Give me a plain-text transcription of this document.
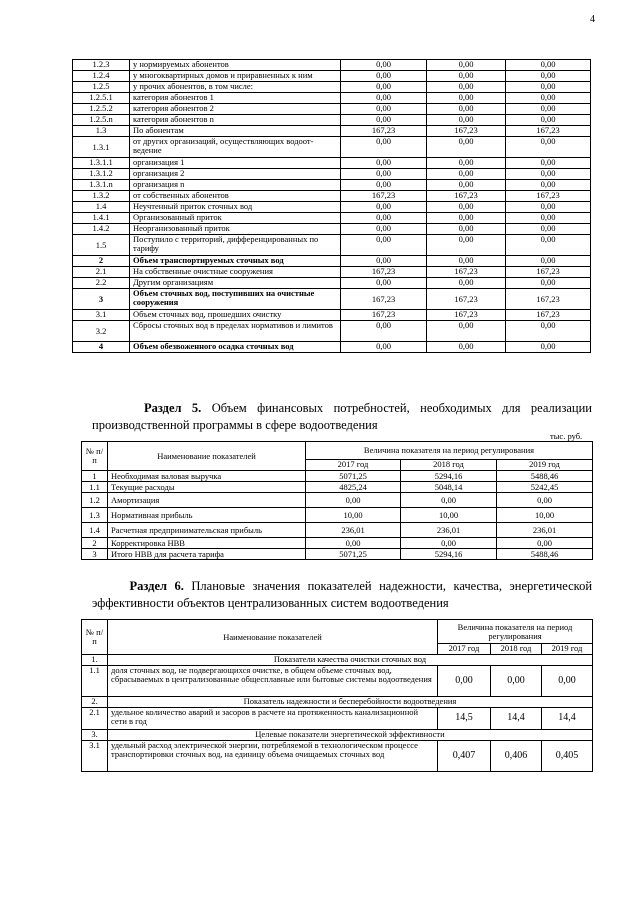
4
1.2.3	у нормируемых абонентов	0,00	0,00	0,00
1.2.4	у многоквартирных домов и приравненных к ним	0,00	0,00	0,00
1.2.5	у прочих абонентов, в том числе:	0,00	0,00	0,00
1.2.5.1	категория абонентов 1	0,00	0,00	0,00
1.2.5.2	категория абонентов 2	0,00	0,00	0,00
1.2.5.n	категория абонентов n	0,00	0,00	0,00
1.3	По абонентам	167,23	167,23	167,23
1.3.1	от других организаций, осуществляющих водоот-ведение	0,00	0,00	0,00
1.3.1.1	организация 1	0,00	0,00	0,00
1.3.1.2	организация 2	0,00	0,00	0,00
1.3.1.n	организация n	0,00	0,00	0,00
1.3.2	от собственных абонентов	167,23	167,23	167,23
1.4	Неучтенный приток сточных вод	0,00	0,00	0,00
1.4.1	Организованный приток	0,00	0,00	0,00
1.4.2	Неорганизованный приток	0,00	0,00	0,00
1.5	Поступило с территорий, дифференцированных по тарифу	0,00	0,00	0,00
2	Объем транспортируемых сточных вод	0,00	0,00	0,00
2.1	На собственные очистные сооружения	167,23	167,23	167,23
2.2	Другим организациям	0,00	0,00	0,00
3	Объем сточных вод, поступивших на очистные сооружения	167,23	167,23	167,23
3.1	Объем сточных вод, прошедших очистку	167,23	167,23	167,23
3.2	Сбросы сточных вод в пределах нормативов и лимитов	0,00	0,00	0,00
4	Объем обезвоженного осадка сточных вод	0,00	0,00	0,00

Раздел 5. Объем финансовых потребностей, необходимых для реализации производственной программы в сфере водоотведения

тыс. руб.
№ п/п	Наименование показателей	Величина показателя на период регулирования		
		2017 год	2018 год	2019 год
1	Необходимая валовая выручка	5071,25	5294,16	5488,46
1.1	Текущие расходы	4825,24	5048,14	5242,45
1.2	Амортизация	0,00	0,00	0,00
1.3	Нормативная прибыль	10,00	10,00	10,00
1.4	Расчетная предпринимательская прибыль	236,01	236,01	236,01
2	Корректировка НВВ	0,00	0,00	0,00
3	Итого НВВ для расчета тарифа	5071,25	5294,16	5488,46

Раздел 6. Плановые значения показателей надежности, качества, энергетической эффективности объектов централизованных систем водоотведения

№ п/п	Наименование показателей	Величина показателя на период регулирования		
		2017 год	2018 год	2019 год
1.	Показатели качества очистки сточных вод			
1.1	доля сточных вод, не подвергающихся очистке, в общем объеме сточных вод, сбрасываемых в централизованные общесплавные или бытовые системы водоотведения	0,00	0,00	0,00
2.	Показатель надежности и бесперебойности водоотведения			
2.1	удельное количество аварий и засоров в расчете на протяженность канализационной сети в год	14,5	14,4	14,4
3.	Целевые показатели энергетической эффективности			
3.1	удельный расход электрической энергии, потребляемой в технологическом процессе транспортировки сточных вод, на единицу объема очищаемых сточных вод	0,407	0,406	0,405
